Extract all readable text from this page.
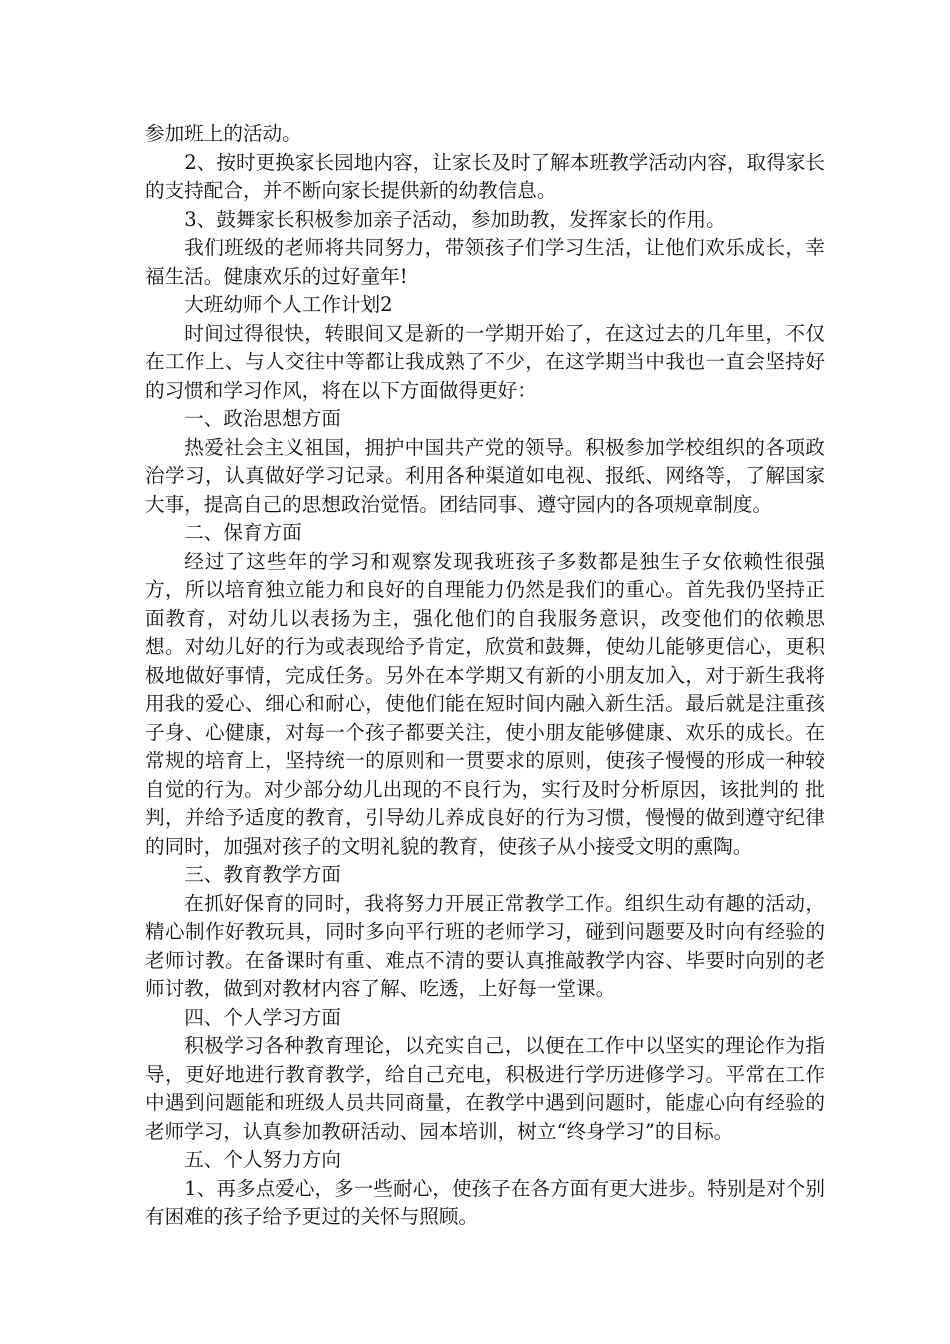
参加班上的活动。

2、按时更换家长园地内容，让家长及时了解本班教学活动内容，取得家长的支持配合，并不断向家长提供新的幼教信息。

3、鼓舞家长积极参加亲子活动，参加助教，发挥家长的作用。

我们班级的老师将共同努力，带领孩子们学习生活，让他们欢乐成长，幸福生活。健康欢乐的过好童年!

大班幼师个人工作计划2

时间过得很快，转眼间又是新的一学期开始了，在这过去的几年里，不仅在工作上、与人交往中等都让我成熟了不少，在这学期当中我也一直会坚持好的习惯和学习作风，将在以下方面做得更好：

一、政治思想方面

热爱社会主义祖国，拥护中国共产党的领导。积极参加学校组织的各项政治学习，认真做好学习记录。利用各种渠道如电视、报纸、网络等，了解国家大事，提高自己的思想政治觉悟。团结同事、遵守园内的各项规章制度。

二、保育方面

经过了这些年的学习和观察发现我班孩子多数都是独生子女依赖性很强方，所以培育独立能力和良好的自理能力仍然是我们的重心。首先我仍坚持正面教育，对幼儿以表扬为主，强化他们的自我服务意识，改变他们的依赖思想。对幼儿好的行为或表现给予肯定，欣赏和鼓舞，使幼儿能够更信心，更积极地做好事情，完成任务。另外在本学期又有新的小朋友加入，对于新生我将用我的爱心、细心和耐心，使他们能在短时间内融入新生活。最后就是注重孩子身、心健康，对每一个孩子都要关注，使小朋友能够健康、欢乐的成长。在常规的培育上，坚持统一的原则和一贯要求的原则，使孩子慢慢的形成一种较自觉的行为。对少部分幼儿出现的不良行为，实行及时分析原因，该批判的 批判，并给予适度的教育，引导幼儿养成良好的行为习惯，慢慢的做到遵守纪律的同时，加强对孩子的文明礼貌的教育，使孩子从小接受文明的熏陶。

三、教育教学方面

在抓好保育的同时，我将努力开展正常教学工作。组织生动有趣的活动，精心制作好教玩具，同时多向平行班的老师学习，碰到问题要及时向有经验的老师讨教。在备课时有重、难点不清的要认真推敲教学内容、毕要时向别的老师讨教，做到对教材内容了解、吃透，上好每一堂课。

四、个人学习方面

积极学习各种教育理论，以充实自己，以便在工作中以坚实的理论作为指导，更好地进行教育教学，给自己充电，积极进行学历进修学习。平常在工作中遇到问题能和班级人员共同商量，在教学中遇到问题时，能虚心向有经验的老师学习，认真参加教研活动、园本培训，树立“终身学习”的目标。

五、个人努力方向

1、再多点爱心，多一些耐心，使孩子在各方面有更大进步。特别是对个别有困难的孩子给予更过的关怀与照顾。
